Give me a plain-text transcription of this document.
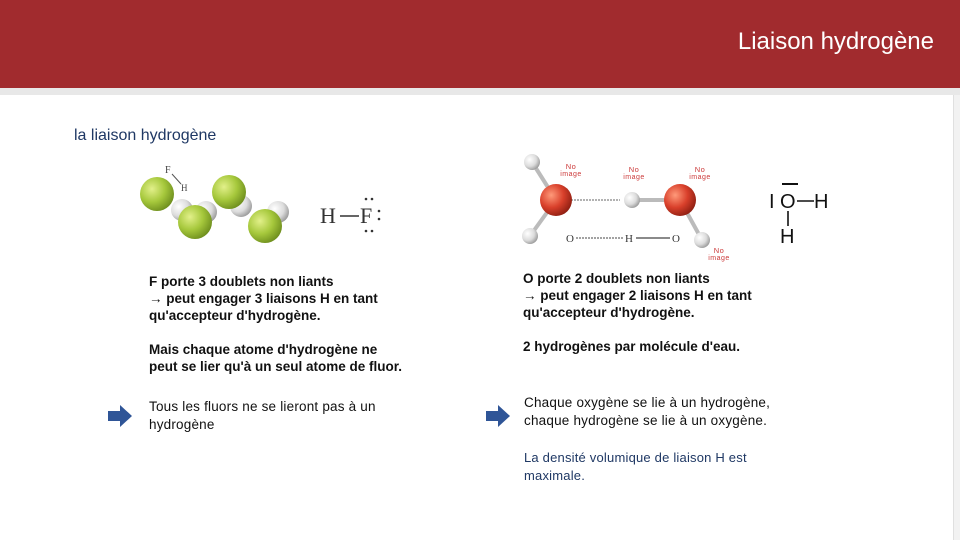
Liaison hydrogène
la liaison hydrogène
F
H
H F
F porte 3 doublets non liants
→ peut engager 3 liaisons H en tant
qu'accepteur d'hydrogène.
Mais chaque atome d'hydrogène ne
peut se lier qu'à un seul atome de fluor.
Tous les fluors ne se lieront pas à un
hydrogène
O	H	O
No
image
No
image
No
image
No
image
I O H
H
O porte 2 doublets non liants
→ peut engager 2 liaisons H en tant
qu'accepteur d'hydrogène.
2 hydrogènes par molécule d'eau.
Chaque oxygène se lie à un hydrogène,
chaque hydrogène se lie à un oxygène.
La densité volumique de liaison H est
maximale.
